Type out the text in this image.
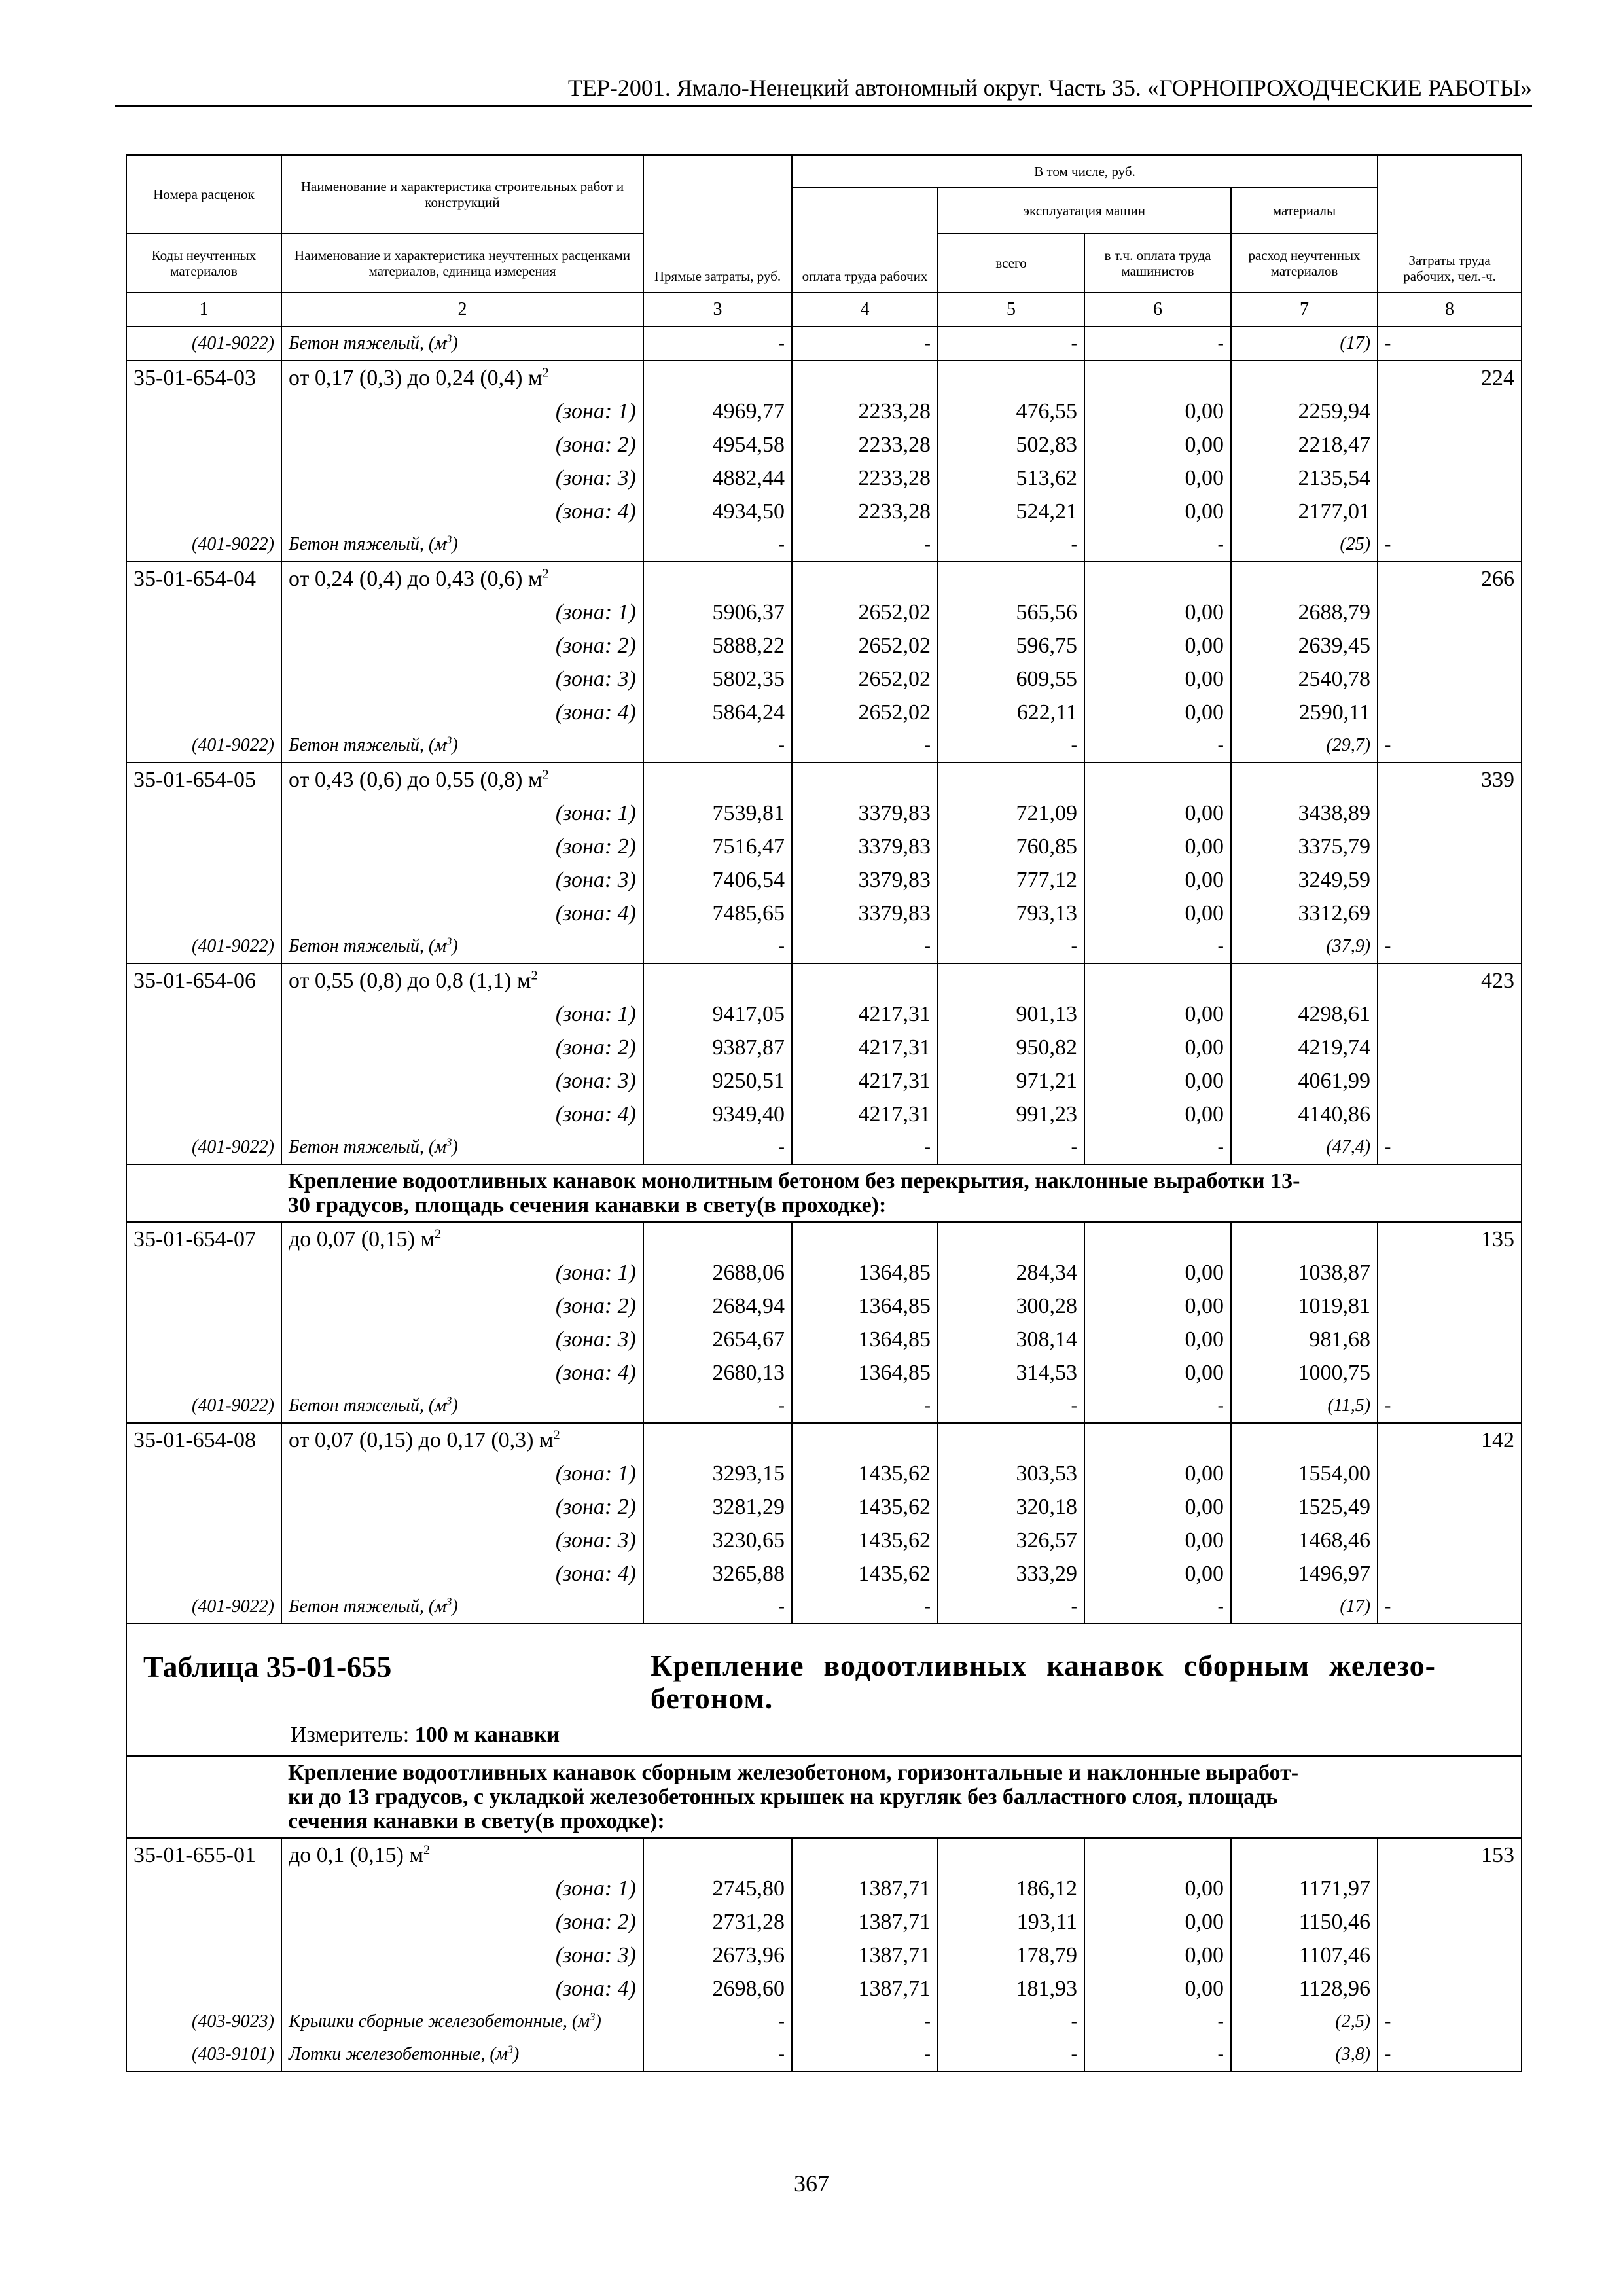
ТЕР-2001. Ямало-Ненецкий автономный округ. Часть 35. «ГОРНОПРОХОДЧЕСКИЕ РАБОТЫ»
Номера расценок	Наименование и характеристика строительных работ и конструкций	Прямые затраты, руб.	В том числе, руб.				Затраты труда рабочих, чел.-ч.
			оплата труда рабочих	эксплуатация машин		материалы	
Коды неучтенных материалов	Наименование и характеристика неучтенных расценками материалов, единица измерения			всего	в т.ч. оплата труда машинистов	расход неучтенных материалов	
1	2	3	4	5	6	7	8
(401-9022)	Бетон тяжелый, $(м^3)$	-	-	-	-	(17)	-
35-01-654-03	от 0,17 (0,3) до 0,24 (0,4) $м^2$						224
	(зона: 1)	4969,77	2233,28	476,55	0,00	2259,94	
	(зона: 2)	4954,58	2233,28	502,83	0,00	2218,47	
	(зона: 3)	4882,44	2233,28	513,62	0,00	2135,54	
	(зона: 4)	4934,50	2233,28	524,21	0,00	2177,01	
(401-9022)	Бетон тяжелый, $(м^3)$	-	-	-	-	(25)	-
35-01-654-04	от 0,24 (0,4) до 0,43 (0,6) $м^2$						266
	(зона: 1)	5906,37	2652,02	565,56	0,00	2688,79	
	(зона: 2)	5888,22	2652,02	596,75	0,00	2639,45	
	(зона: 3)	5802,35	2652,02	609,55	0,00	2540,78	
	(зона: 4)	5864,24	2652,02	622,11	0,00	2590,11	
(401-9022)	Бетон тяжелый, $(м^3)$	-	-	-	-	(29,7)	-
35-01-654-05	от 0,43 (0,6) до 0,55 (0,8) $м^2$						339
	(зона: 1)	7539,81	3379,83	721,09	0,00	3438,89	
	(зона: 2)	7516,47	3379,83	760,85	0,00	3375,79	
	(зона: 3)	7406,54	3379,83	777,12	0,00	3249,59	
	(зона: 4)	7485,65	3379,83	793,13	0,00	3312,69	
(401-9022)	Бетон тяжелый, $(м^3)$	-	-	-	-	(37,9)	-
35-01-654-06	от 0,55 (0,8) до 0,8 (1,1) $м^2$						423
	(зона: 1)	9417,05	4217,31	901,13	0,00	4298,61	
	(зона: 2)	9387,87	4217,31	950,82	0,00	4219,74	
	(зона: 3)	9250,51	4217,31	971,21	0,00	4061,99	
	(зона: 4)	9349,40	4217,31	991,23	0,00	4140,86	
(401-9022)	Бетон тяжелый, $(м^3)$	-	-	-	-	(47,4)	-
	Крепление водоотливных канавок монолитным бетоном без перекрытия, наклонные выработки 13-30 градусов, площадь сечения канавки в свету(в проходке):						
35-01-654-07	до 0,07 (0,15) $м^2$						135
	(зона: 1)	2688,06	1364,85	284,34	0,00	1038,87	
	(зона: 2)	2684,94	1364,85	300,28	0,00	1019,81	
	(зона: 3)	2654,67	1364,85	308,14	0,00	981,68	
	(зона: 4)	2680,13	1364,85	314,53	0,00	1000,75	
(401-9022)	Бетон тяжелый, $(м^3)$	-	-	-	-	(11,5)	-
35-01-654-08	от 0,07 (0,15) до 0,17 (0,3) $м^2$						142
	(зона: 1)	3293,15	1435,62	303,53	0,00	1554,00	
	(зона: 2)	3281,29	1435,62	320,18	0,00	1525,49	
	(зона: 3)	3230,65	1435,62	326,57	0,00	1468,46	
	(зона: 4)	3265,88	1435,62	333,29	0,00	1496,97	
(401-9022)	Бетон тяжелый, $(м^3)$	-	-	-	-	(17)	-

Таблица 35-01-655 Крепление водоотливных канавок сборным железо-бетоном.
Измеритель: 100 м канавки							

	Крепление водоотливных канавок сборным железобетоном, горизонтальные и наклонные выработ-ки до 13 градусов, с укладкой железобетонных крышек на кругляк без балластного слоя, площадь сечения канавки в свету(в проходке):						
35-01-655-01	до 0,1 (0,15) $м^2$						153
	(зона: 1)	2745,80	1387,71	186,12	0,00	1171,97	
	(зона: 2)	2731,28	1387,71	193,11	0,00	1150,46	
	(зона: 3)	2673,96	1387,71	178,79	0,00	1107,46	
	(зона: 4)	2698,60	1387,71	181,93	0,00	1128,96	
(403-9023)	Крышки сборные железобетонные, $(м^3)$	-	-	-	-	(2,5)	-
(403-9101)	Лотки железобетонные, $(м^3)$	-	-	-	-	(3,8)	-
367
